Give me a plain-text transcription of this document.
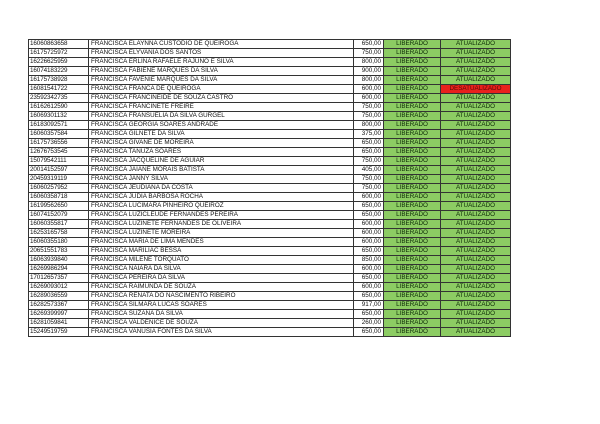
16060863658	FRANCISCA ELAYNNA CUSTODIO DE QUEIROGA	650,00	LIBERADO	ATUALIZADO
16175725972	FRANCISCA ELYVANIA DOS SANTOS	750,00	LIBERADO	ATUALIZADO
16226625959	FRANCISCA ERLINA RAFAELE RAJUNO E SILVA	800,00	LIBERADO	ATUALIZADO
16074183229	FRANCISCA FABIENE MARQUES DA SILVA	900,00	LIBERADO	ATUALIZADO
16175738928	FRANCISCA FAVENIE MARQUES DA SILVA	800,00	LIBERADO	ATUALIZADO
16081541722	FRANCISCA FRANCA DE QUEIROGA	600,00	LIBERADO	DESATUALIZADO
23592342735	FRANCISCA FRANCINEIDE DE SOUZA CASTRO	600,00	LIBERADO	ATUALIZADO
16162612590	FRANCISCA FRANCINETE FREIRE	750,00	LIBERADO	ATUALIZADO
16069301132	FRANCISCA FRANSUELIA DA SILVA GURGEL	750,00	LIBERADO	ATUALIZADO
16183092571	FRANCISCA GEORGIA SOARES ANDRADE	800,00	LIBERADO	ATUALIZADO
16060357584	FRANCISCA GILNETE DA SILVA	375,00	LIBERADO	ATUALIZADO
16175736556	FRANCISCA GIVANE DE MOREIRA	650,00	LIBERADO	ATUALIZADO
12676753545	FRANCISCA TANUZA SOARES	650,00	LIBERADO	ATUALIZADO
15079542111	FRANCISCA JACQUELINE DE AGUIAR	750,00	LIBERADO	ATUALIZADO
20014152597	FRANCISCA JAIANE MORAIS BATISTA	405,00	LIBERADO	ATUALIZADO
20459319119	FRANCISCA JANNY SILVA	750,00	LIBERADO	ATUALIZADO
16060257952	FRANCISCA JEUDIANA DA COSTA	750,00	LIBERADO	ATUALIZADO
16060358718	FRANCISCA JUDIA BARBOSA ROCHA	600,00	LIBERADO	ATUALIZADO
16199562650	FRANCISCA LUCIMARA PINHEIRO QUEIROZ	650,00	LIBERADO	ATUALIZADO
16074152079	FRANCISCA LUZICLEUDE FERNANDES PEREIRA	650,00	LIBERADO	ATUALIZADO
16060355817	FRANCISCA LUZINETE FERNANDES DE OLIVEIRA	600,00	LIBERADO	ATUALIZADO
16253165758	FRANCISCA LUZINETE MOREIRA	600,00	LIBERADO	ATUALIZADO
16060355180	FRANCISCA MARIA DE LIMA MENDES	600,00	LIBERADO	ATUALIZADO
20651551783	FRANCISCA MARILIAC BESSA	650,00	LIBERADO	ATUALIZADO
16063939840	FRANCISCA MILENE TORQUATO	850,00	LIBERADO	ATUALIZADO
16269986294	FRANCISCA NAIARA DA SILVA	600,00	LIBERADO	ATUALIZADO
17012657357	FRANCISCA PEREIRA DA SILVA	650,00	LIBERADO	ATUALIZADO
16269093012	FRANCISCA RAIMUNDA DE SOUZA	600,00	LIBERADO	ATUALIZADO
16289036559	FRANCISCA RENATA DO NASCIMENTO RIBEIRO	650,00	LIBERADO	ATUALIZADO
16282573367	FRANCISCA SILMARA LUCAS SOARES	917,00	LIBERADO	ATUALIZADO
16269399997	FRANCISCA SUZANA DA SILVA	650,00	LIBERADO	ATUALIZADO
16281059841	FRANCISCA VALDENICE DE SOUZA	260,00	LIBERADO	ATUALIZADO
15249519759	FRANCISCA VANUSIA FONTES DA SILVA	650,00	LIBERADO	ATUALIZADO
